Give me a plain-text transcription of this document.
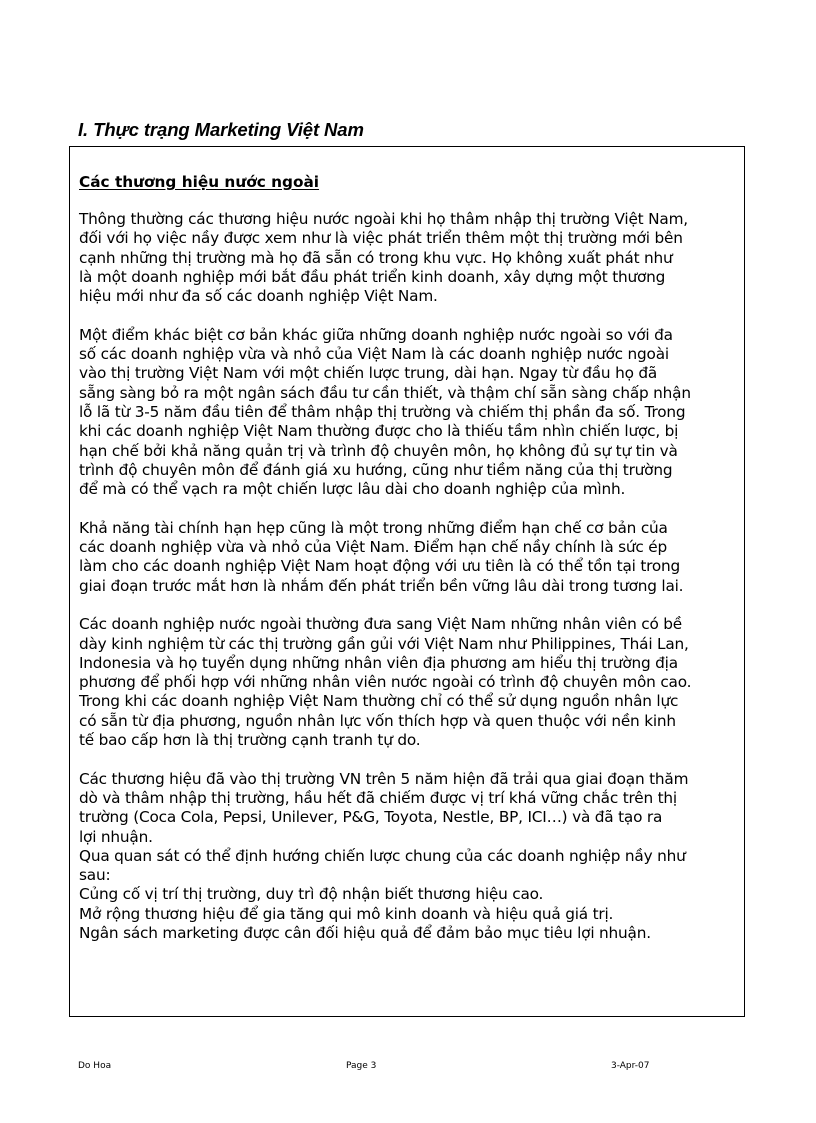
I. Thực trạng Marketing Việt Nam
Các thương hiệu nước ngoài

Thông thường các thương hiệu nước ngoài khi họ thâm nhập thị trường Việt Nam,
đối với họ việc nầy được xem như là việc phát triển thêm một thị trường mới bên
cạnh những thị trường mà họ đã sẵn có trong khu vực. Họ không xuất phát như
là một doanh nghiệp mới bắt đầu phát triển kinh doanh, xây dựng một thương
hiệu mới như đa số các doanh nghiệp Việt Nam.

Một điểm khác biệt cơ bản khác giữa những doanh nghiệp nước ngoài so với đa
số các doanh nghiệp vừa và nhỏ của Việt Nam là các doanh nghiệp nước ngoài
vào thị trường Việt Nam với một chiến lược trung, dài hạn. Ngay từ đầu họ đã
sẵng sàng bỏ ra một ngân sách đầu tư cần thiết, và thậm chí sẵn sàng chấp nhận
lỗ lã từ 3-5 năm đầu tiên để thâm nhập thị trường và chiếm thị phần đa số. Trong
khi các doanh nghiệp Việt Nam thường được cho là thiếu tầm nhìn chiến lược, bị
hạn chế bởi khả năng quản trị và trình độ chuyên môn, họ không đủ sự tự tin và
trình độ chuyên môn để đánh giá xu hướng, cũng như tiềm năng của thị trường
để mà có thể vạch ra một chiến lược lâu dài cho doanh nghiệp của mình.

Khả năng tài chính hạn hẹp cũng là một trong những điểm hạn chế cơ bản của
các doanh nghiệp vừa và nhỏ của Việt Nam. Điểm hạn chế nầy chính là sức ép
làm cho các doanh nghiệp Việt Nam hoạt động với ưu tiên là có thể tồn tại trong
giai đoạn trước mắt hơn là nhắm đến phát triển bền vững lâu dài trong tương lai.

Các doanh nghiệp nước ngoài thường đưa sang Việt Nam những nhân viên có bề
dày kinh nghiệm từ các thị trường gần gủi với Việt Nam như Philippines, Thái Lan,
Indonesia và họ tuyển dụng những nhân viên địa phương am hiểu thị trường địa
phương để phối hợp với những nhân viên nước ngoài có trình độ chuyên môn cao.
Trong khi các doanh nghiệp Việt Nam thường chỉ có thể sử dụng nguồn nhân lực
có sẵn từ địa phương, nguồn nhân lực vốn thích hợp và quen thuộc với nền kinh
tế bao cấp hơn là thị trường cạnh tranh tự do.

Các thương hiệu đã vào thị trường VN trên 5 năm hiện đã trải qua giai đoạn thăm
dò và thâm nhập thị trường, hầu hết đã chiếm được vị trí khá vững chắc trên thị
trường (Coca Cola, Pepsi, Unilever, P&G, Toyota, Nestle, BP, ICI…) và đã tạo ra
lợi nhuận.
Qua quan sát có thể định hướng chiến lược chung của các doanh nghiệp nầy như
sau:
Củng cố vị trí thị trường, duy trì độ nhận biết thương hiệu cao.
Mở rộng thương hiệu để gia tăng qui mô kinh doanh và hiệu quả giá trị.
Ngân sách marketing được cân đối hiệu quả để đảm bảo mục tiêu lợi nhuận.

Do Hoa	Page 3	3-Apr-07
